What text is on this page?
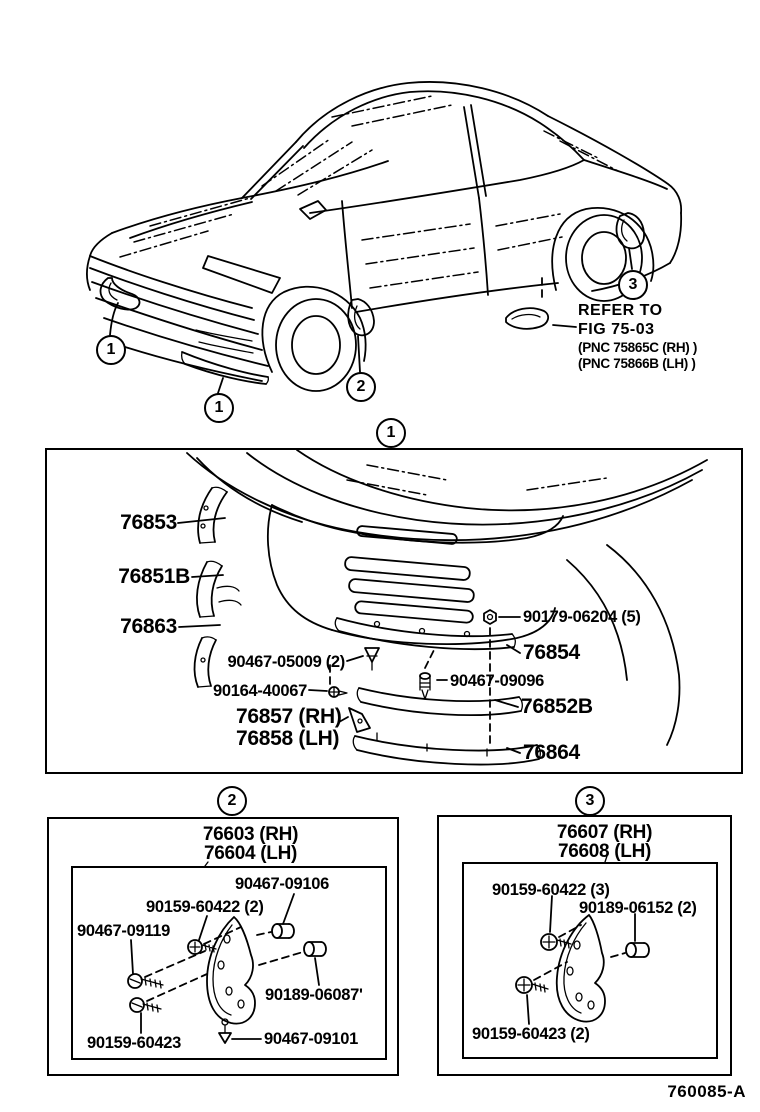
1
1
2
3
REFER TO
FIG 75-03
(PNC 75865C (RH) )
(PNC 75866B (LH) )
1
76853
76851B
76863	90179-06204 (5)
76854
90467-05009 (2)
90164-40067
90467-09096
76857 (RH)
76858 (LH)
76852B
76864
2
76603 (RH)
76604 (LH)
90467-09106
90159-60422 (2)
90467-09119
90189-06087'
90159-60423	90467-09101
3
76607 (RH)
76608 (LH)
90159-60422 (3)
90189-06152 (2)
90159-60423 (2)
760085-A
